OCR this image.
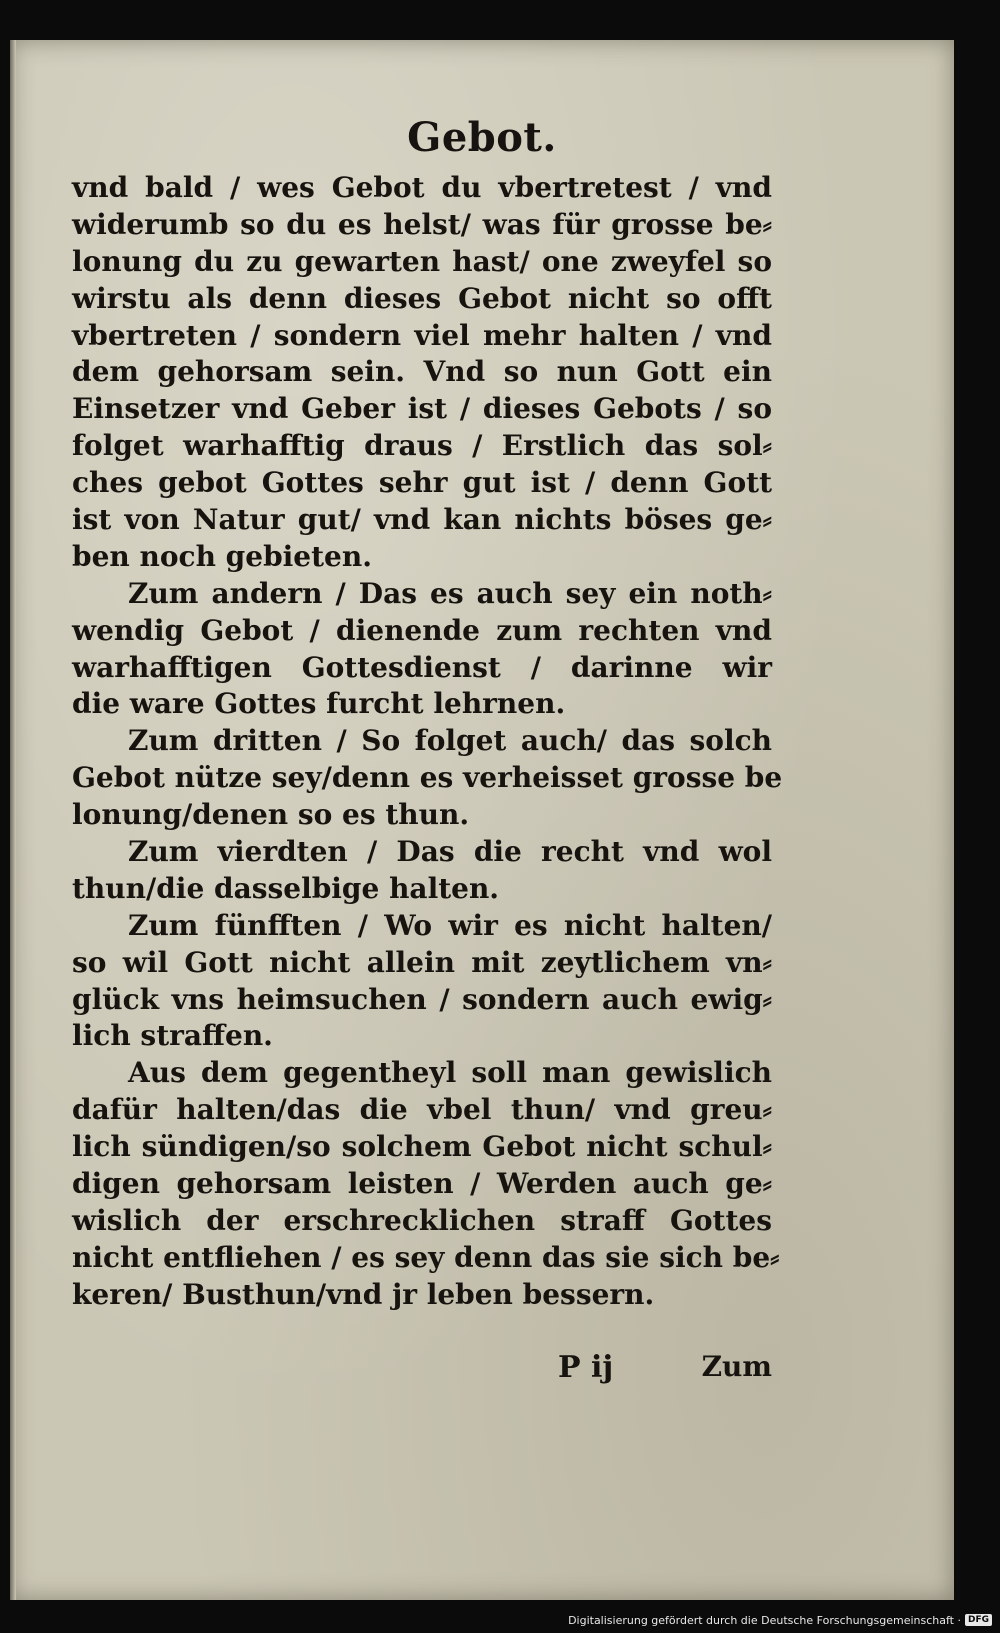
Gebot.
vnd bald / wes Gebot du vbertretest / vnd
widerumb so du es helst/ was für grosse be⸗
lonung du zu gewarten hast/ one zweyfel so
wirstu als denn dieses Gebot nicht so offt
vbertreten / sondern viel mehr halten / vnd
dem gehorsam sein. Vnd so nun Gott ein
Einsetzer vnd Geber ist / dieses Gebots / so
folget warhafftig draus / Erstlich das sol⸗
ches gebot Gottes sehr gut ist / denn Gott
ist von Natur gut/ vnd kan nichts böses ge⸗
ben noch gebieten.
Zum andern / Das es auch sey ein noth⸗
wendig Gebot / dienende zum rechten vnd
warhafftigen Gottesdienst / darinne wir
die ware Gottes furcht lehrnen.
Zum dritten / So folget auch/ das solch
Gebot nütze sey/denn es verheisset grosse be
lonung/denen so es thun.
Zum vierdten / Das die recht vnd wol
thun/die dasselbige halten.
Zum fünfften / Wo wir es nicht halten/
so wil Gott nicht allein mit zeytlichem vn⸗
glück vns heimsuchen / sondern auch ewig⸗
lich straffen.
Aus dem gegentheyl soll man gewislich
dafür halten/das die vbel thun/ vnd greu⸗
lich sündigen/so solchem Gebot nicht schul⸗
digen gehorsam leisten / Werden auch ge⸗
wislich der erschrecklichen straff Gottes
nicht entfliehen / es sey denn das sie sich be⸗
keren/ Busthun/vnd jr leben bessern.
P ij	Zum
Digitalisierung gefördert durch die Deutsche Forschungsgemeinschaft · DFG
